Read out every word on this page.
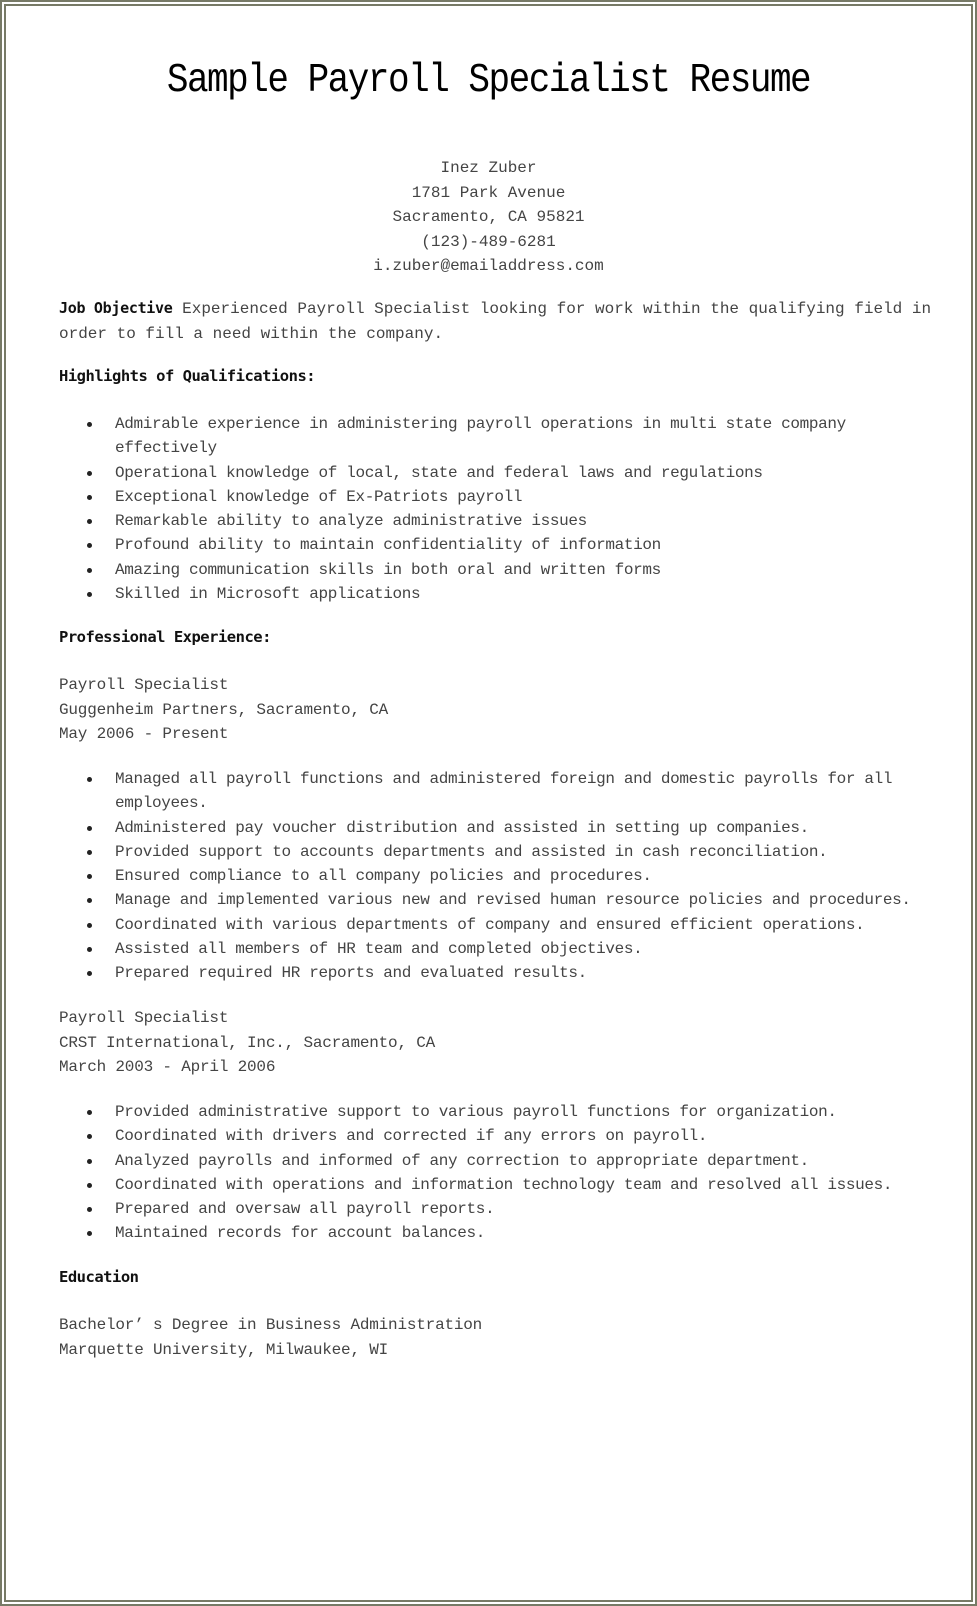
Sample Payroll Specialist Resume
Inez Zuber
1781 Park Avenue
Sacramento, CA 95821
(123)-489-6281
i.zuber@emailaddress.com
Job Objective Experienced Payroll Specialist looking for work within the qualifying field in
order to fill a need within the company.
Highlights of Qualifications:
Admirable experience in administering payroll operations in multi state company
effectively
Operational knowledge of local, state and federal laws and regulations
Exceptional knowledge of Ex-Patriots payroll
Remarkable ability to analyze administrative issues
Profound ability to maintain confidentiality of information
Amazing communication skills in both oral and written forms
Skilled in Microsoft applications
Professional Experience:
Payroll Specialist
Guggenheim Partners, Sacramento, CA
May 2006 - Present
Managed all payroll functions and administered foreign and domestic payrolls for all
employees.
Administered pay voucher distribution and assisted in setting up companies.
Provided support to accounts departments and assisted in cash reconciliation.
Ensured compliance to all company policies and procedures.
Manage and implemented various new and revised human resource policies and procedures.
Coordinated with various departments of company and ensured efficient operations.
Assisted all members of HR team and completed objectives.
Prepared required HR reports and evaluated results.
Payroll Specialist
CRST International, Inc., Sacramento, CA
March 2003 - April 2006
Provided administrative support to various payroll functions for organization.
Coordinated with drivers and corrected if any errors on payroll.
Analyzed payrolls and informed of any correction to appropriate department.
Coordinated with operations and information technology team and resolved all issues.
Prepared and oversaw all payroll reports.
Maintained records for account balances.
Education
Bachelor’ s Degree in Business Administration
Marquette University, Milwaukee, WI
